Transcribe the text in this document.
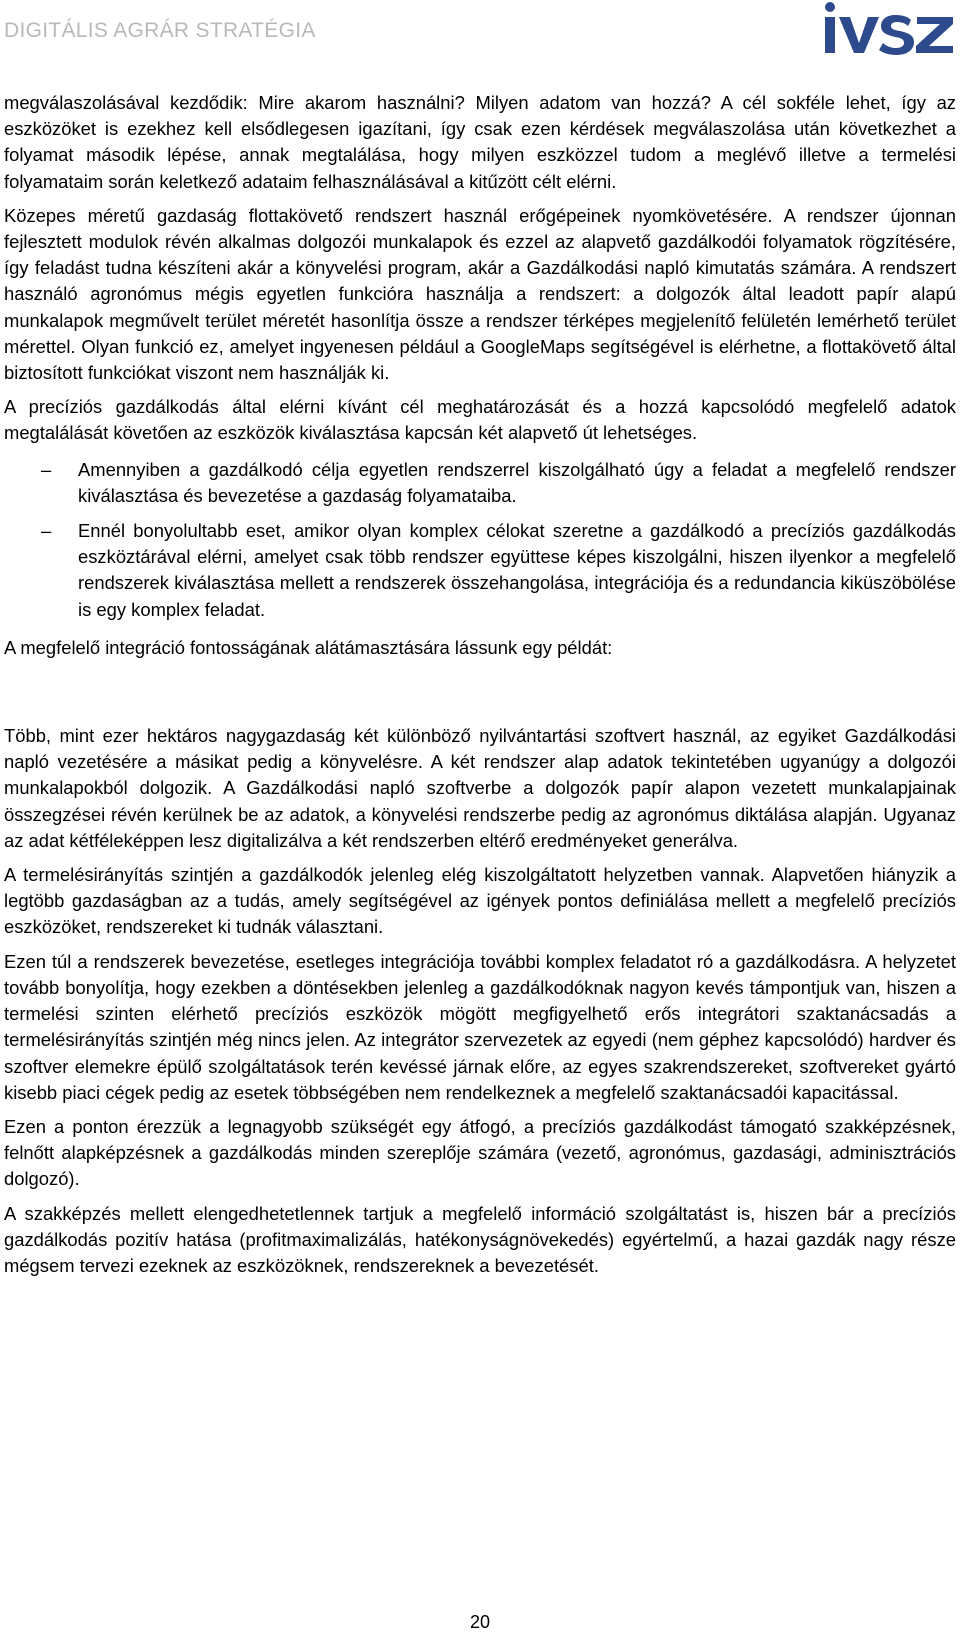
DIGITÁLIS AGRÁR STRATÉGIA

megválaszolásával kezdődik: Mire akarom használni? Milyen adatom van hozzá? A cél sokféle lehet, így az eszközöket is ezekhez kell elsődlegesen igazítani, így csak ezen kérdések megválaszolása után következhet a folyamat második lépése, annak megtalálása, hogy milyen eszközzel tudom a meglévő illetve a termelési folyamataim során keletkező adataim felhasználásával a kitűzött célt elérni.

Közepes méretű gazdaság flottakövető rendszert használ erőgépeinek nyomkövetésére. A rendszer újonnan fejlesztett modulok révén alkalmas dolgozói munkalapok és ezzel az alapvető gazdálkodói folyamatok rögzítésére, így feladást tudna készíteni akár a könyvelési program, akár a Gazdálkodási napló kimutatás számára. A rendszert használó agronómus mégis egyetlen funkcióra használja a rendszert: a dolgozók által leadott papír alapú munkalapok megművelt terület méretét hasonlítja össze a rendszer térképes megjelenítő felületén lemérhető terület mérettel. Olyan funkció ez, amelyet ingyenesen például a GoogleMaps segítségével is elérhetne, a flottakövető által biztosított funkciókat viszont nem használják ki.

A precíziós gazdálkodás által elérni kívánt cél meghatározását és a hozzá kapcsolódó megfelelő adatok megtalálását követően az eszközök kiválasztása kapcsán két alapvető út lehetséges.

– Amennyiben a gazdálkodó célja egyetlen rendszerrel kiszolgálható úgy a feladat a megfelelő rendszer kiválasztása és bevezetése a gazdaság folyamataiba.
– Ennél bonyolultabb eset, amikor olyan komplex célokat szeretne a gazdálkodó a precíziós gazdálkodás eszköztárával elérni, amelyet csak több rendszer együttese képes kiszolgálni, hiszen ilyenkor a megfelelő rendszerek kiválasztása mellett a rendszerek összehangolása, integrációja és a redundancia kiküszöbölése is egy komplex feladat.

A megfelelő integráció fontosságának alátámasztására lássunk egy példát:

Több, mint ezer hektáros nagygazdaság két különböző nyilvántartási szoftvert használ, az egyiket Gazdálkodási napló vezetésére a másikat pedig a könyvelésre. A két rendszer alap adatok tekintetében ugyanúgy a dolgozói munkalapokból dolgozik. A Gazdálkodási napló szoftverbe a dolgozók papír alapon vezetett munkalapjainak összegzései révén kerülnek be az adatok, a könyvelési rendszerbe pedig az agronómus diktálása alapján. Ugyanaz az adat kétféleképpen lesz digitalizálva a két rendszerben eltérő eredményeket generálva.

A termelésirányítás szintjén a gazdálkodók jelenleg elég kiszolgáltatott helyzetben vannak. Alapvetően hiányzik a legtöbb gazdaságban az a tudás, amely segítségével az igények pontos definiálása mellett a megfelelő precíziós eszközöket, rendszereket ki tudnák választani.

Ezen túl a rendszerek bevezetése, esetleges integrációja további komplex feladatot ró a gazdálkodásra. A helyzetet tovább bonyolítja, hogy ezekben a döntésekben jelenleg a gazdálkodóknak nagyon kevés támpontjuk van, hiszen a termelési szinten elérhető precíziós eszközök mögött megfigyelhető erős integrátori szaktanácsadás a termelésirányítás szintjén még nincs jelen. Az integrátor szervezetek az egyedi (nem géphez kapcsolódó) hardver és szoftver elemekre épülő szolgáltatások terén kevéssé járnak előre, az egyes szakrendszereket, szoftvereket gyártó kisebb piaci cégek pedig az esetek többségében nem rendelkeznek a megfelelő szaktanácsadói kapacitással.

Ezen a ponton érezzük a legnagyobb szükségét egy átfogó, a precíziós gazdálkodást támogató szakképzésnek, felnőtt alapképzésnek a gazdálkodás minden szereplője számára (vezető, agronómus, gazdasági, adminisztrációs dolgozó).

A szakképzés mellett elengedhetetlennek tartjuk a megfelelő információ szolgáltatást is, hiszen bár a precíziós gazdálkodás pozitív hatása (profitmaximalizálás, hatékonyságnövekedés) egyértelmű, a hazai gazdák nagy része mégsem tervezi ezeknek az eszközöknek, rendszereknek a bevezetését.

20
